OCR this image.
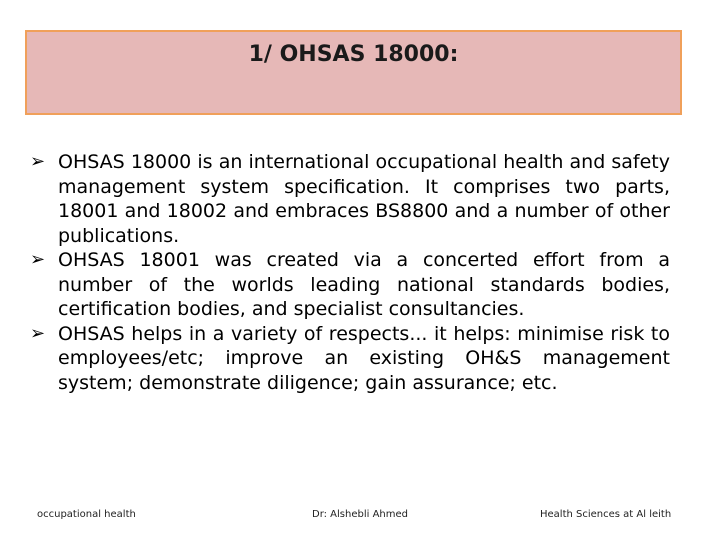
1/ OHSAS 18000:
➢ OHSAS 18000 is an international occupational health and safety management system specification. It comprises two parts, 18001 and 18002 and embraces BS8800 and a number of other publications.
➢ OHSAS 18001 was created via a concerted effort from a number of the worlds leading national standards bodies, certification bodies, and specialist consultancies.
➢ OHSAS helps in a variety of respects... it helps: minimise risk to employees/etc; improve an existing OH&S management system; demonstrate diligence; gain assurance; etc.
occupational health	Dr: Alshebli Ahmed	Health Sciences at Al leith
